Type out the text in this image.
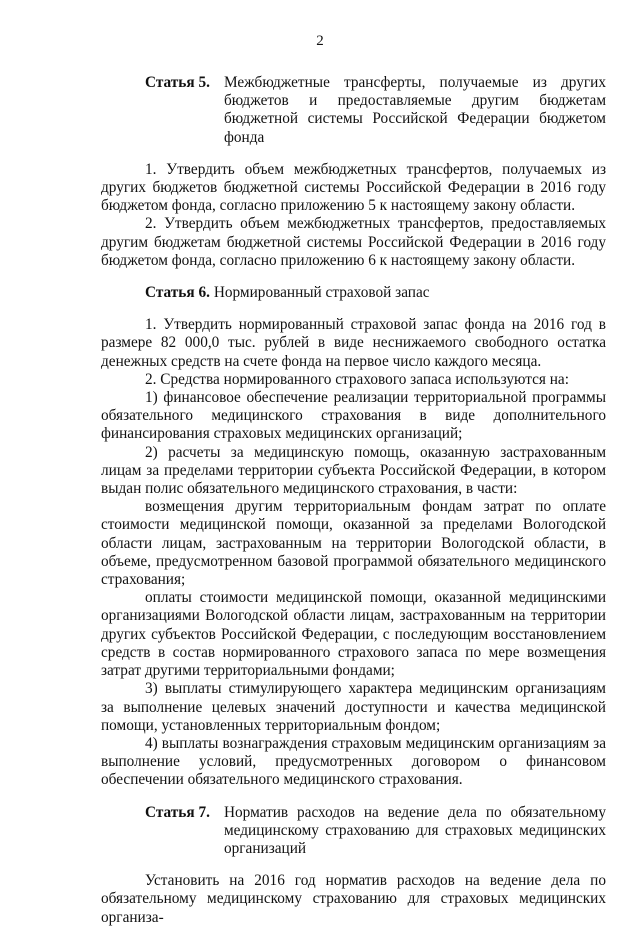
2
Статья 5. Межбюджетные трансферты, получаемые из других бюджетов и предоставляемые другим бюджетам бюджетной системы Российской Федерации бюджетом фонда

1. Утвердить объем межбюджетных трансфертов, получаемых из других бюджетов бюджетной системы Российской Федерации в 2016 году бюджетом фонда, согласно приложению 5 к настоящему закону области.

2. Утвердить объем межбюджетных трансфертов, предоставляемых другим бюджетам бюджетной системы Российской Федерации в 2016 году бюджетом фонда, согласно приложению 6 к настоящему закону области.

Статья 6. Нормированный страховой запас

1. Утвердить нормированный страховой запас фонда на 2016 год в размере 82 000,0 тыс. рублей в виде неснижаемого свободного остатка денежных средств на счете фонда на первое число каждого месяца.

2. Средства нормированного страхового запаса используются на:

1) финансовое обеспечение реализации территориальной программы обязательного медицинского страхования в виде дополнительного финансирования страховых медицинских организаций;

2) расчеты за медицинскую помощь, оказанную застрахованным лицам за пределами территории субъекта Российской Федерации, в котором выдан полис обязательного медицинского страхования, в части:

возмещения другим территориальным фондам затрат по оплате стоимости медицинской помощи, оказанной за пределами Вологодской области лицам, застрахованным на территории Вологодской области, в объеме, предусмотренном базовой программой обязательного медицинского страхования;

оплаты стоимости медицинской помощи, оказанной медицинскими организациями Вологодской области лицам, застрахованным на территории других субъектов Российской Федерации, с последующим восстановлением средств в состав нормированного страхового запаса по мере возмещения затрат другими территориальными фондами;

3) выплаты стимулирующего характера медицинским организациям за выполнение целевых значений доступности и качества медицинской помощи, установленных территориальным фондом;

4) выплаты вознаграждения страховым медицинским организациям за выполнение условий, предусмотренных договором о финансовом обеспечении обязательного медицинского страхования.

Статья 7. Норматив расходов на ведение дела по обязательному медицинскому страхованию для страховых медицинских организаций

Установить на 2016 год норматив расходов на ведение дела по обязательному медицинскому страхованию для страховых медицинских организа-
